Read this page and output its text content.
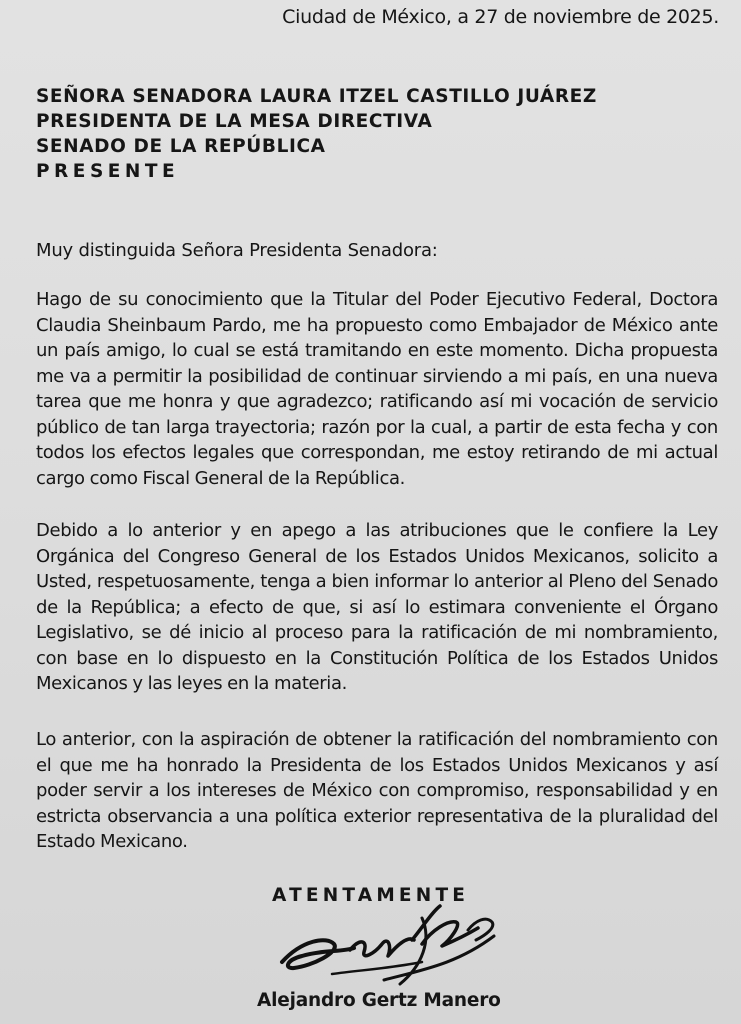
Ciudad de México, a 27 de noviembre de 2025.
SEÑORA SENADORA LAURA ITZEL CASTILLO JUÁREZ
PRESIDENTA DE LA MESA DIRECTIVA
SENADO DE LA REPÚBLICA
PRESENTE
Muy distinguida Señora Presidenta Senadora:

Hago de su conocimiento que la Titular del Poder Ejecutivo Federal, Doctora Claudia Sheinbaum Pardo, me ha propuesto como Embajador de México ante un país amigo, lo cual se está tramitando en este momento. Dicha propuesta me va a permitir la posibilidad de continuar sirviendo a mi país, en una nueva tarea que me honra y que agradezco; ratificando así mi vocación de servicio público de tan larga trayectoria; razón por la cual, a partir de esta fecha y con todos los efectos legales que correspondan, me estoy retirando de mi actual cargo como Fiscal General de la República.

Debido a lo anterior y en apego a las atribuciones que le confiere la Ley Orgánica del Congreso General de los Estados Unidos Mexicanos, solicito a Usted, respetuosamente, tenga a bien informar lo anterior al Pleno del Senado de la República; a efecto de que, si así lo estimara conveniente el Órgano Legislativo, se dé inicio al proceso para la ratificación de mi nombramiento, con base en lo dispuesto en la Constitución Política de los Estados Unidos Mexicanos y las leyes en la materia.

Lo anterior, con la aspiración de obtener la ratificación del nombramiento con el que me ha honrado la Presidenta de los Estados Unidos Mexicanos y así poder servir a los intereses de México con compromiso, responsabilidad y en estricta observancia a una política exterior representativa de la pluralidad del Estado Mexicano.

ATENTAMENTE
Alejandro Gertz Manero
